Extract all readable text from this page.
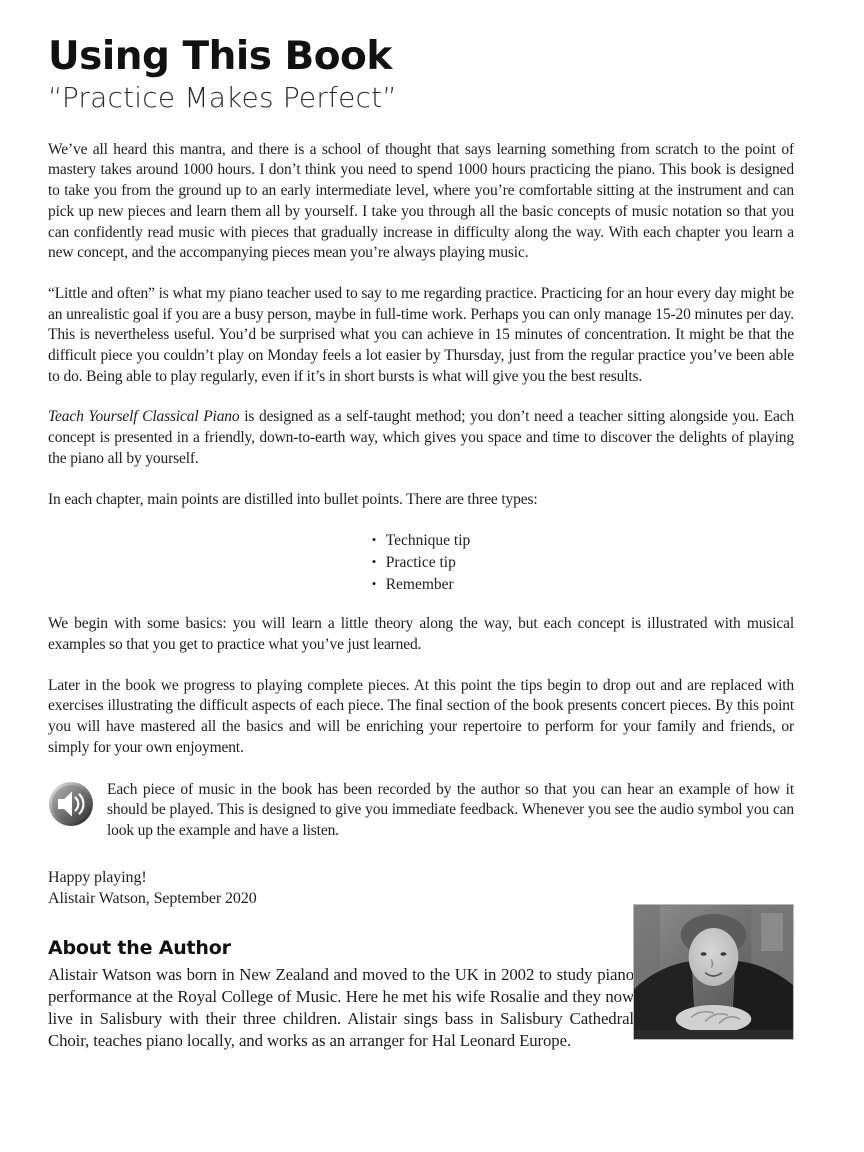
Using This Book
“Practice Makes Perfect”

We’ve all heard this mantra, and there is a school of thought that says learning something from scratch to the point of mastery takes around 1000 hours. I don’t think you need to spend 1000 hours practicing the piano. This book is designed to take you from the ground up to an early intermediate level, where you’re comfortable sitting at the instrument and can pick up new pieces and learn them all by yourself. I take you through all the basic concepts of music notation so that you can confidently read music with pieces that gradually increase in difficulty along the way. With each chapter you learn a new concept, and the accompanying pieces mean you’re always playing music.

“Little and often” is what my piano teacher used to say to me regarding practice. Practicing for an hour every day might be an unrealistic goal if you are a busy person, maybe in full-time work. Perhaps you can only manage 15-20 minutes per day. This is nevertheless useful. You’d be surprised what you can achieve in 15 minutes of concentration. It might be that the difficult piece you couldn’t play on Monday feels a lot easier by Thursday, just from the regular practice you’ve been able to do. Being able to play regularly, even if it’s in short bursts is what will give you the best results.

Teach Yourself Classical Piano is designed as a self-taught method; you don’t need a teacher sitting alongside you. Each concept is presented in a friendly, down-to-earth way, which gives you space and time to discover the delights of playing the piano all by yourself.

In each chapter, main points are distilled into bullet points. There are three types:

• Technique tip
• Practice tip
• Remember

We begin with some basics: you will learn a little theory along the way, but each concept is illustrated with musical examples so that you get to practice what you’ve just learned.

Later in the book we progress to playing complete pieces. At this point the tips begin to drop out and are replaced with exercises illustrating the difficult aspects of each piece. The final section of the book presents concert pieces. By this point you will have mastered all the basics and will be enriching your repertoire to perform for your family and friends, or simply for your own enjoyment.

Each piece of music in the book has been recorded by the author so that you can hear an example of how it should be played. This is designed to give you immediate feedback. Whenever you see the audio symbol you can look up the example and have a listen.

Happy playing!
Alistair Watson, September 2020

About the Author

Alistair Watson was born in New Zealand and moved to the UK in 2002 to study piano performance at the Royal College of Music. Here he met his wife Rosalie and they now live in Salisbury with their three children. Alistair sings bass in Salisbury Cathedral Choir, teaches piano locally, and works as an arranger for Hal Leonard Europe.
